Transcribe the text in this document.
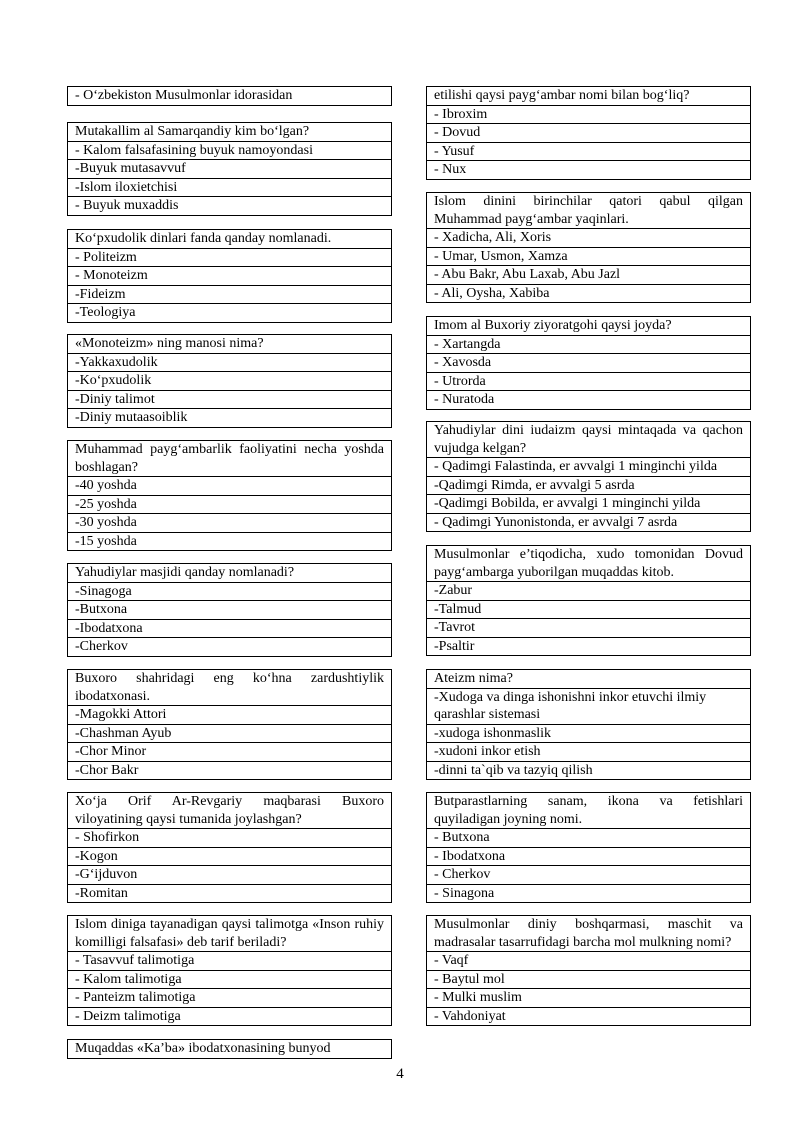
- O‘zbekiston Musulmonlar idorasidan
Mutakallim al Samarqandiy kim bo‘lgan?
- Kalom falsafasining buyuk namoyondasi
-Buyuk mutasavvuf
-Islom iloxietchisi
- Buyuk muxaddis
Ko‘pxudolik dinlari fanda qanday nomlanadi.
- Politeizm
- Monoteizm
-Fideizm
-Teologiya
«Monoteizm» ning manosi nima?
-Yakkaxudolik
-Ko‘pxudolik
-Diniy talimot
-Diniy mutaasoiblik
Muhammad payg‘ambarlik faoliyatini necha yoshda boshlagan?
-40 yoshda
-25 yoshda
-30 yoshda
-15 yoshda
Yahudiylar masjidi qanday nomlanadi?
-Sinagoga
-Butxona
-Ibodatxona
-Cherkov
Buxoro shahridagi eng ko‘hna zardushtiylik ibodatxonasi.
-Magokki Attori
-Chashman Ayub
-Chor Minor
-Chor Bakr
Xo‘ja Orif Ar-Revgariy maqbarasi Buxoro viloyatining qaysi tumanida joylashgan?
- Shofirkon
-Kogon
-G‘ijduvon
-Romitan
Islom diniga tayanadigan qaysi talimotga «Inson ruhiy komilligi falsafasi» deb tarif beriladi?
- Tasavvuf talimotiga
- Kalom talimotiga
- Panteizm talimotiga
- Deizm talimotiga
Muqaddas «Ka’ba» ibodatxonasining bunyod
etilishi qaysi payg‘ambar nomi bilan bog‘liq?
- Ibroxim
- Dovud
- Yusuf
- Nux
Islom dinini birinchilar qatori qabul qilgan Muhammad payg‘ambar yaqinlari.
- Xadicha, Ali, Xoris
- Umar, Usmon, Xamza
- Abu Bakr, Abu Laxab, Abu Jazl
- Ali, Oysha, Xabiba
Imom al Buxoriy ziyoratgohi qaysi joyda?
- Xartangda
- Xavosda
- Utrorda
- Nuratoda
Yahudiylar dini iudaizm qaysi mintaqada va qachon vujudga kelgan?
- Qadimgi Falastinda, er avvalgi 1 minginchi yilda
-Qadimgi Rimda, er avvalgi 5 asrda
-Qadimgi Bobilda, er avvalgi 1 minginchi yilda
- Qadimgi Yunonistonda, er avvalgi 7 asrda
Musulmonlar e’tiqodicha, xudo tomonidan Dovud payg‘ambarga yuborilgan muqaddas kitob.
-Zabur
-Talmud
-Tavrot
-Psaltir
Ateizm nima?
-Xudoga va dinga ishonishni inkor etuvchi ilmiy qarashlar sistemasi
-xudoga ishonmaslik
-xudoni inkor etish
-dinni ta`qib va tazyiq qilish
Butparastlarning sanam, ikona va fetishlari quyiladigan joyning nomi.
- Butxona
- Ibodatxona
- Cherkov
- Sinagona
Musulmonlar diniy boshqarmasi, maschit va madrasalar tasarrufidagi barcha mol mulkning nomi?
- Vaqf
- Baytul mol
- Mulki muslim
- Vahdoniyat
4
